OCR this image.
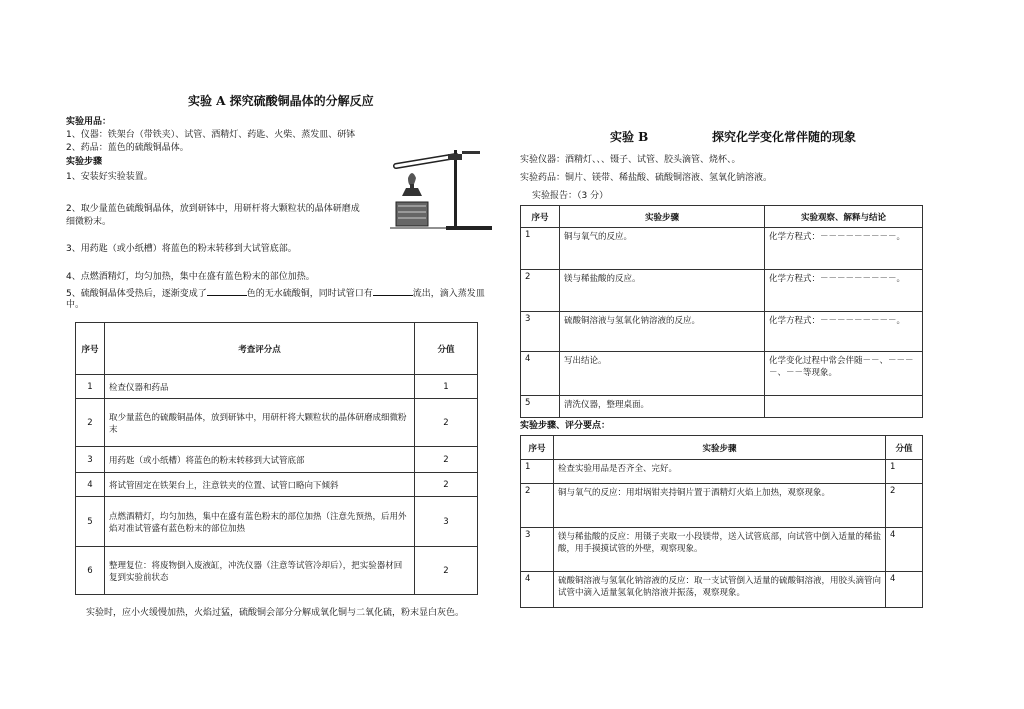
实验 A 探究硫酸铜晶体的分解反应
实验用品：
1、仪器：铁架台（带铁夹）、试管、酒精灯、药匙、火柴、蒸发皿、研钵
2、药品：蓝色的硫酸铜晶体。
实验步骤
1、安装好实验装置。
2、取少量蓝色硫酸铜晶体，放到研钵中，用研杆将大颗粒状的晶体研磨成
细微粉末。
3、用药匙（或小纸槽）将蓝色的粉末转移到大试管底部。
4、点燃酒精灯，均匀加热，集中在盛有蓝色粉末的部位加热。
5、硫酸铜晶体受热后，逐渐变成了	色的无水硫酸铜，同时试管口有	流出，滴入蒸发皿
中。
序号	考查评分点	分值
1	检查仪器和药品	1
2	取少量蓝色的硫酸铜晶体，放到研钵中，用研杆将大颗粒状的晶体研磨成细微粉末	2
3	用药匙（或小纸槽）将蓝色的粉末转移到大试管底部	2
4	将试管固定在铁架台上，注意铁夹的位置、试管口略向下倾斜	2
5	点燃酒精灯，均匀加热，集中在盛有蓝色粉末的部位加热（注意先预热，后用外焰对准试管盛有蓝色粉末的部位加热	3
6	整理复位：将废物倒入废液缸，冲洗仪器（注意等试管冷却后），把实验器材回复到实验前状态	2
实验时，应小火缓慢加热，火焰过猛，硫酸铜会部分分解成氧化铜与二氧化硫，粉末显白灰色。
实验 B	探究化学变化常伴随的现象
实验仪器：酒精灯、、、镊子、试管、胶头滴管、烧杯、。
实验药品：铜片、镁带、稀盐酸、硫酸铜溶液、氢氧化钠溶液。
实验报告：（3 分）
序号	实验步骤	实验观察、解释与结论
1	铜与氧气的反应。	化学方程式：－－－－－－－－－。
2	镁与稀盐酸的反应。	化学方程式：－－－－－－－－－。
3	硫酸铜溶液与氢氧化钠溶液的反应。	化学方程式：－－－－－－－－－。
4	写出结论。	化学变化过程中常会伴随－－、－－－－、－－等现象。
5	清洗仪器，整理桌面。	
实验步骤、评分要点：
序号	实验步骤	分值
1	检查实验用品是否齐全、完好。	1
2	铜与氧气的反应：用坩埚钳夹持铜片置于酒精灯火焰上加热，观察现象。	2
3	镁与稀盐酸的反应：用镊子夹取一小段镁带，送入试管底部，向试管中倒入适量的稀盐酸，用手摸摸试管的外壁，观察现象。	4
4	硫酸铜溶液与氢氧化钠溶液的反应：取一支试管倒入适量的硫酸铜溶液，用胶头滴管向试管中滴入适量氢氧化钠溶液并振荡，观察现象。	4
